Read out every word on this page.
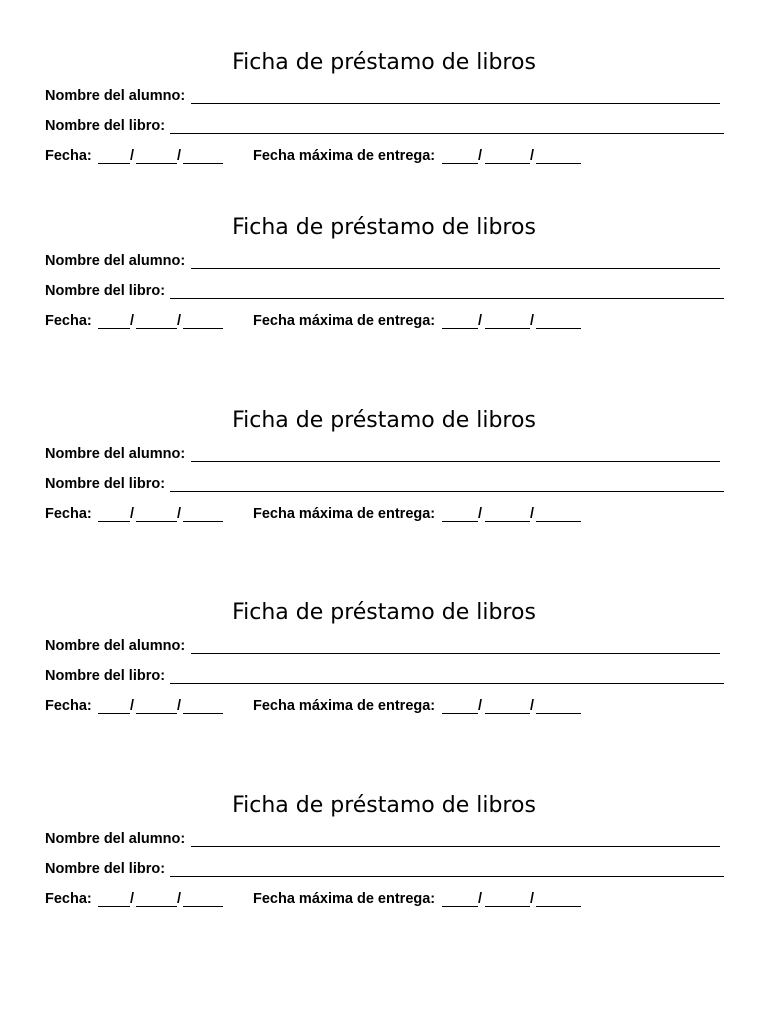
Ficha de préstamo de libros
Nombre del alumno:
Nombre del libro:
Fecha:	/	/	Fecha máxima de entrega:	/	/
Ficha de préstamo de libros
Nombre del alumno:
Nombre del libro:
Fecha:	/	/	Fecha máxima de entrega:	/	/
Ficha de préstamo de libros
Nombre del alumno:
Nombre del libro:
Fecha:	/	/	Fecha máxima de entrega:	/	/
Ficha de préstamo de libros
Nombre del alumno:
Nombre del libro:
Fecha:	/	/	Fecha máxima de entrega:	/	/
Ficha de préstamo de libros
Nombre del alumno:
Nombre del libro:
Fecha:	/	/	Fecha máxima de entrega:	/	/
